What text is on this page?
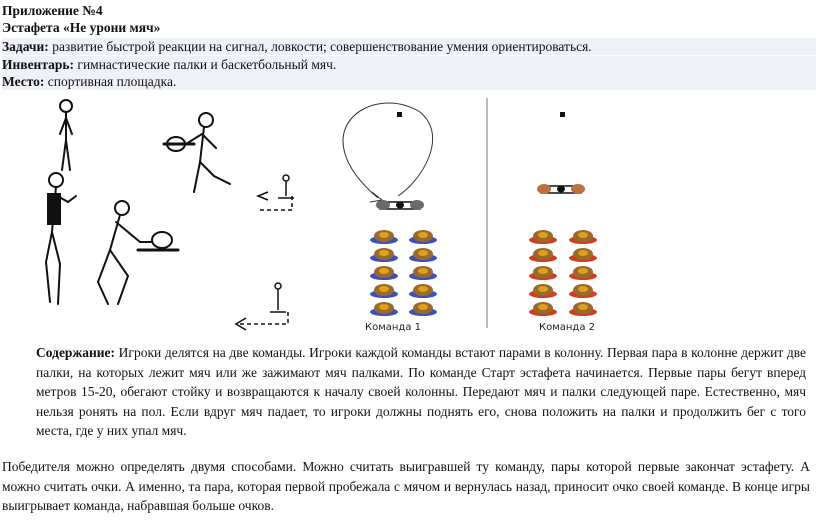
Приложение №4
Эстафета «Не урони мяч»
Задачи: развитие быстрой реакции на сигнал, ловкости; совершенствование умения ориентироваться.
Инвентарь: гимнастические палки и баскетбольный мяч.
Место: спортивная площадка.
Команда 1	Команда 2
Содержание: Игроки делятся на две команды. Игроки каждой команды встают парами в колонну. Первая пара в колонне держит две палки, на которых лежит мяч или же зажимают мяч палками. По команде Старт эстафета начинается. Первые пары бегут вперед метров 15-20, обегают стойку и возвращаются к началу своей колонны. Передают мяч и палки следующей паре. Естественно, мяч нельзя ронять на пол. Если вдруг мяч падает, то игроки должны поднять его, снова положить на палки и продолжить бег с того места, где у них упал мяч.
Победителя можно определять двумя способами. Можно считать выигравшей ту команду, пары которой первые закончат эстафету. А можно считать очки. А именно, та пара, которая первой пробежала с мячом и вернулась назад, приносит очко своей команде. В конце игры выигрывает команда, набравшая больше очков.
